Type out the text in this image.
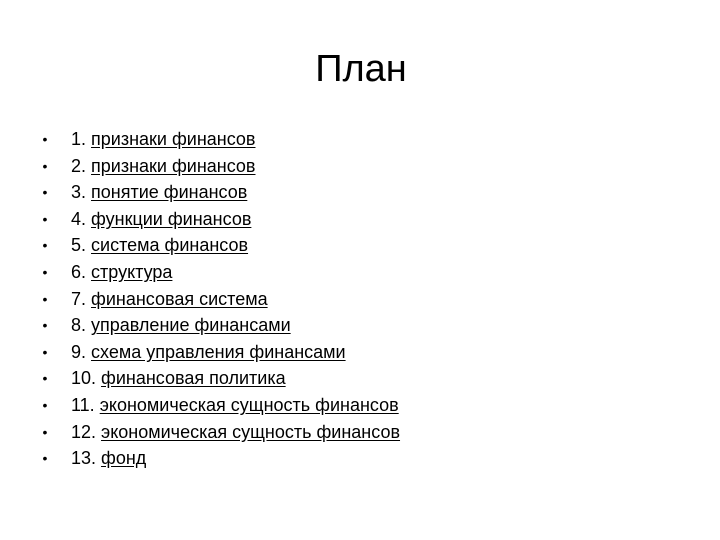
План
• 1. признаки финансов
• 2. признаки финансов
• 3. понятие финансов
• 4. функции финансов
• 5. система финансов
• 6. структура
• 7. финансовая система
• 8. управление финансами
• 9. схема управления финансами
• 10. финансовая политика
• 11. экономическая сущность финансов
• 12. экономическая сущность финансов
• 13. фонд
